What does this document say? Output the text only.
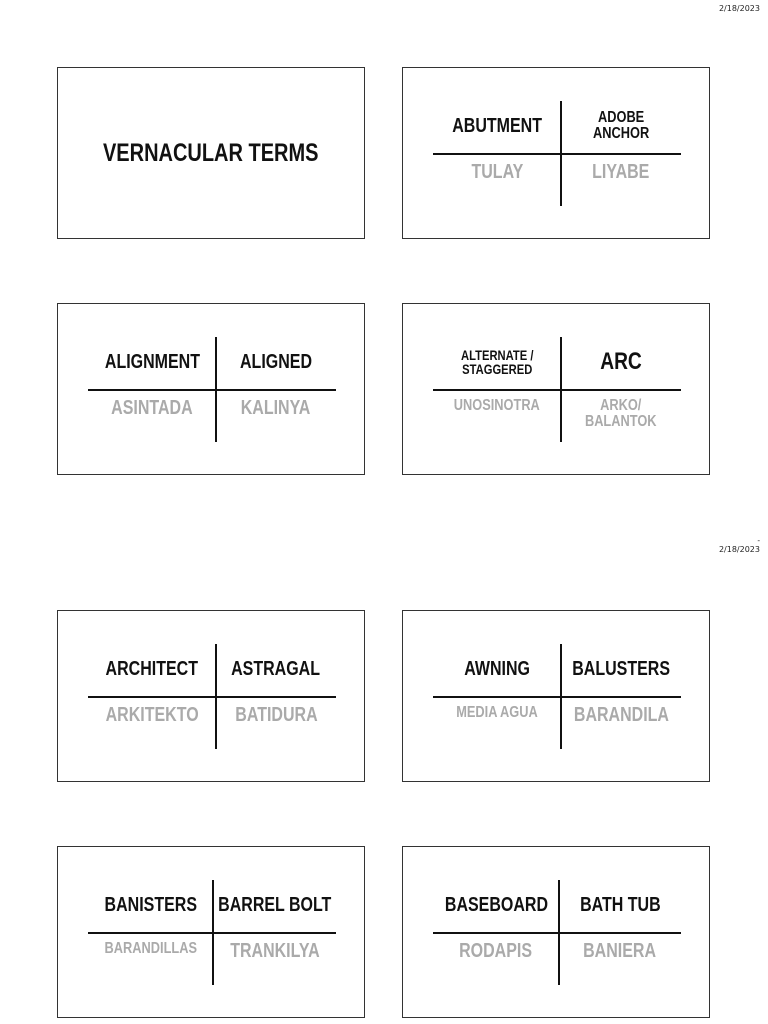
2/18/2023
-
2/18/2023
VERNACULAR TERMS
ABUTMENT
TULAY
ADOBE
ANCHOR
LIYABE
ALIGNMENT
ASINTADA
ALIGNED
KALINYA
ALTERNATE /
STAGGERED
UNOSINOTRA
ARC
ARKO/
BALANTOK
ARCHITECT
ARKITEKTO
ASTRAGAL
BATIDURA
AWNING
MEDIA AGUA
BALUSTERS
BARANDILA
BANISTERS
BARANDILLAS
BARREL BOLT
TRANKILYA
BASEBOARD
RODAPIS
BATH TUB
BANIERA
